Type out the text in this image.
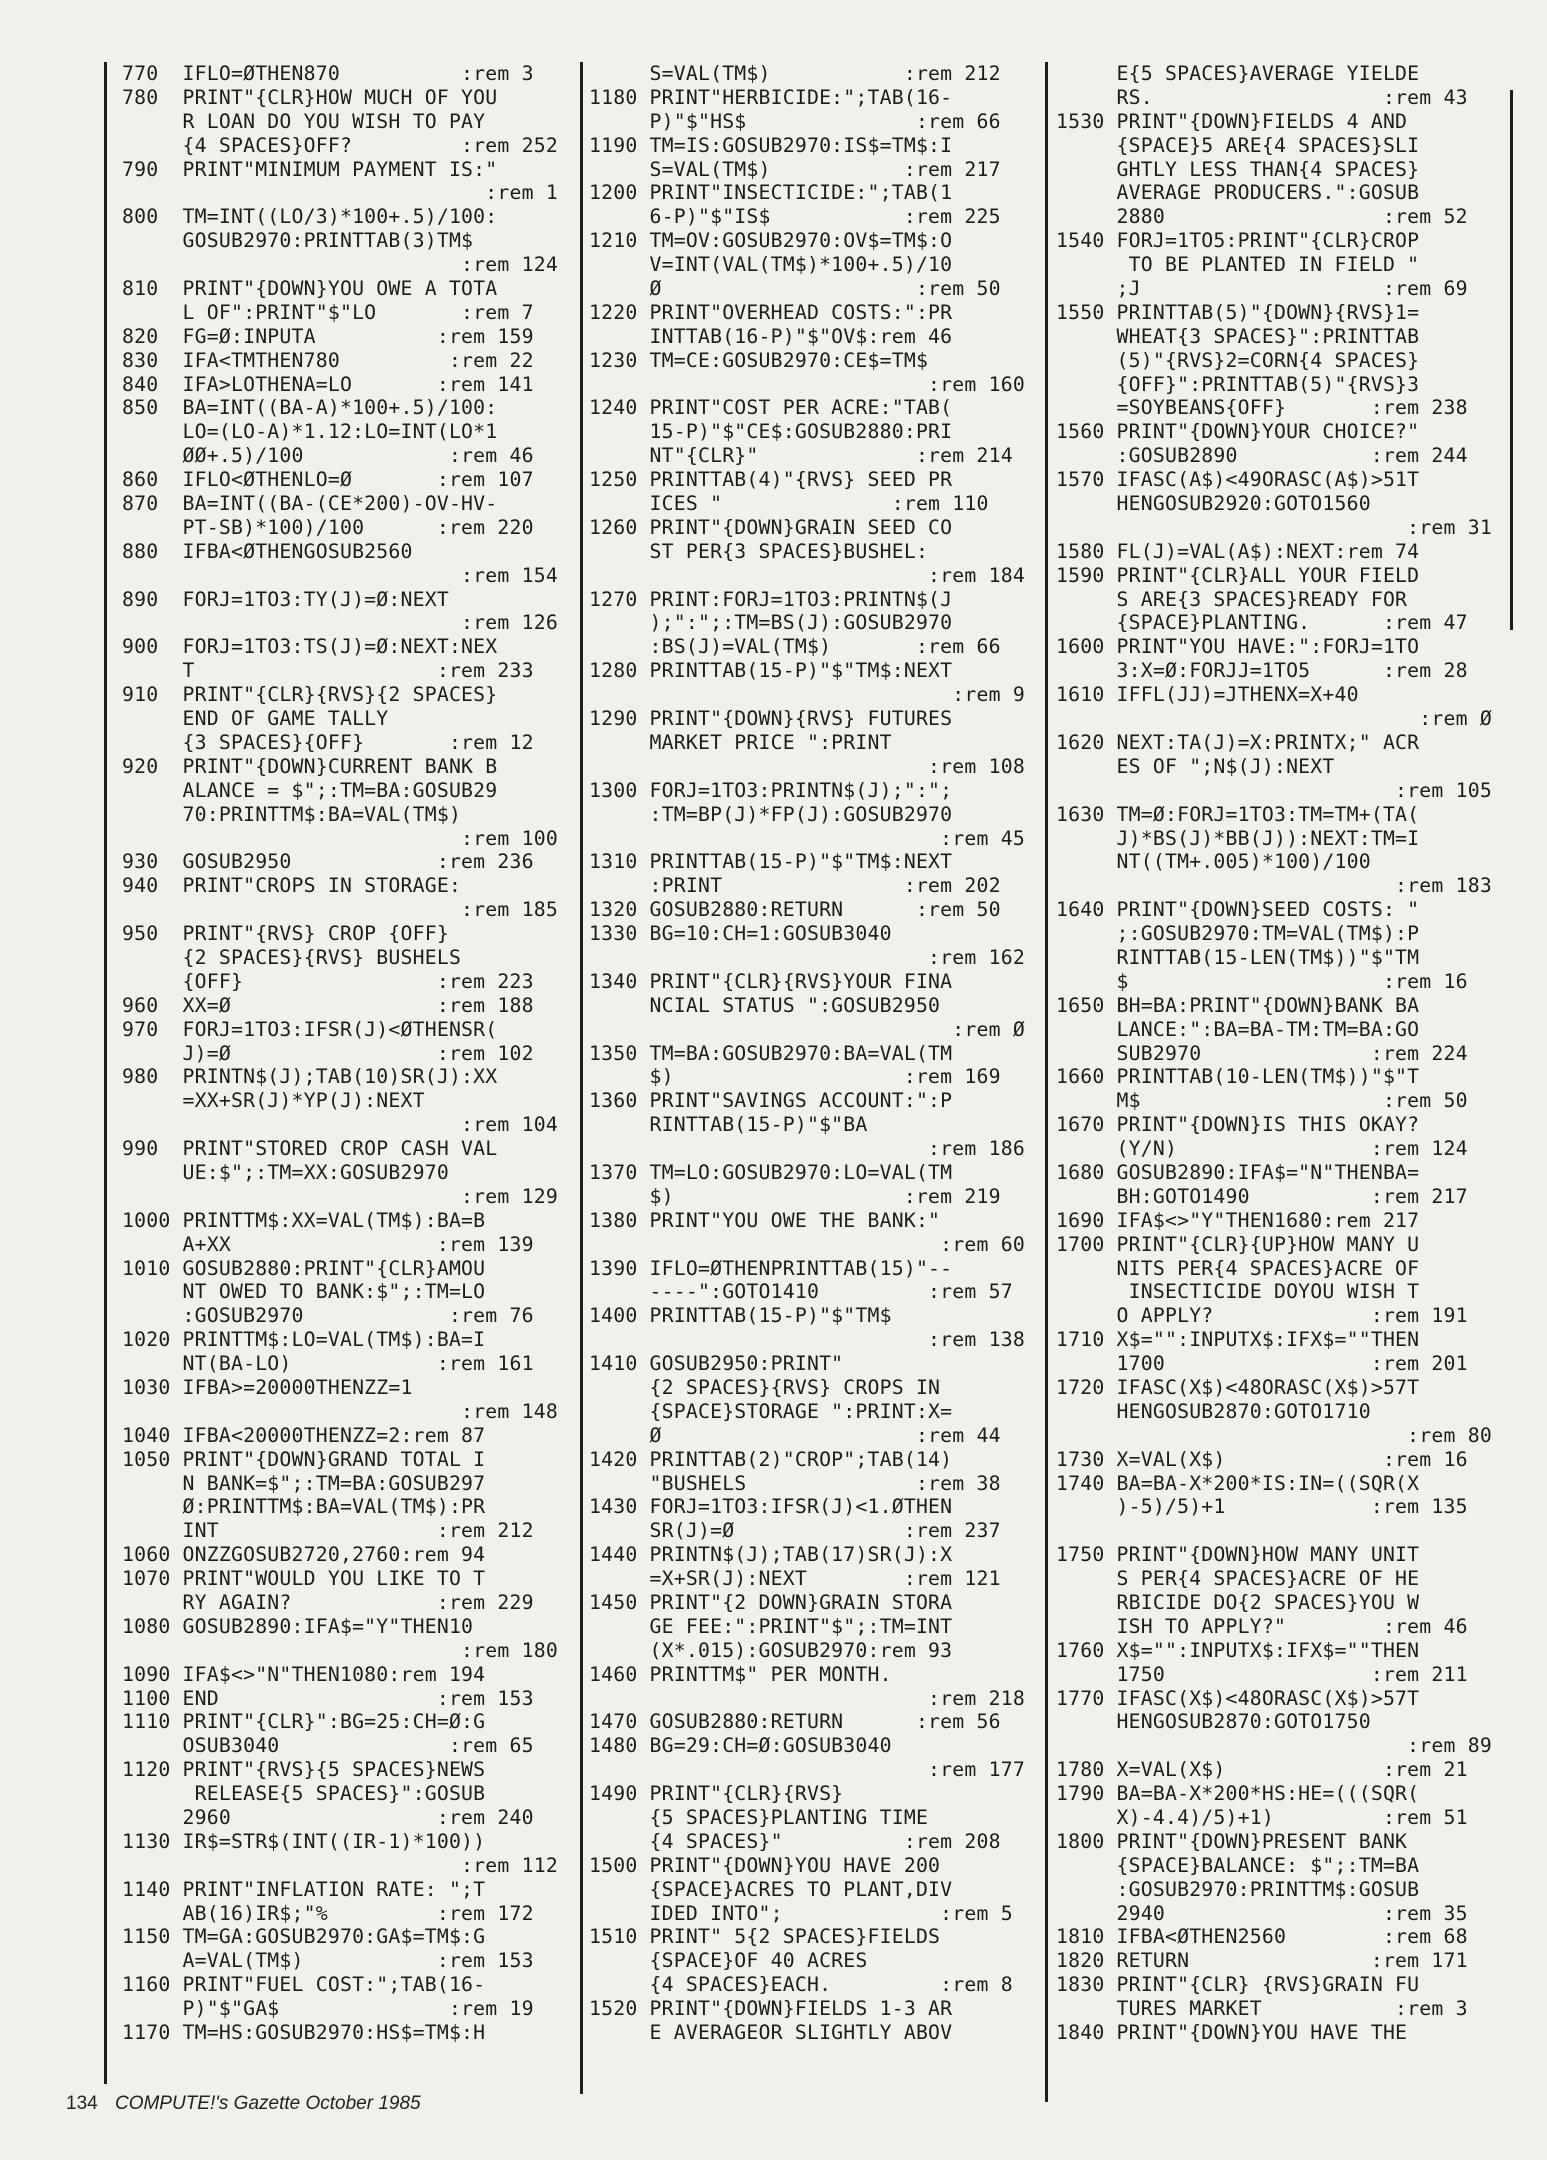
770  IFLO=ØTHEN870          :rem 3
780  PRINT"{CLR}HOW MUCH OF YOU
R LOAN DO YOU WISH TO PAY
{4 SPACES}OFF?         :rem 252
790  PRINT"MINIMUM PAYMENT IS:"
:rem 1
800  TM=INT((LO/3)*100+.5)/100:
GOSUB2970:PRINTTAB(3)TM$
:rem 124
810  PRINT"{DOWN}YOU OWE A TOTA
L OF":PRINT"$"LO       :rem 7
820  FG=Ø:INPUTA          :rem 159
830  IFA<TMTHEN780         :rem 22
840  IFA>LOTHENA=LO       :rem 141
850  BA=INT((BA-A)*100+.5)/100:
LO=(LO-A)*1.12:LO=INT(LO*1
ØØ+.5)/100            :rem 46
860  IFLO<ØTHENLO=Ø       :rem 107
870  BA=INT((BA-(CE*200)-OV-HV-
PT-SB)*100)/100      :rem 220
880  IFBA<ØTHENGOSUB2560
:rem 154
890  FORJ=1TO3:TY(J)=Ø:NEXT
:rem 126
900  FORJ=1TO3:TS(J)=Ø:NEXT:NEX
T                    :rem 233
910  PRINT"{CLR}{RVS}{2 SPACES}
END OF GAME TALLY
{3 SPACES}{OFF}       :rem 12
920  PRINT"{DOWN}CURRENT BANK B
ALANCE = $";:TM=BA:GOSUB29
70:PRINTTM$:BA=VAL(TM$)
:rem 100
930  GOSUB2950            :rem 236
940  PRINT"CROPS IN STORAGE:
:rem 185
950  PRINT"{RVS} CROP {OFF}
{2 SPACES}{RVS} BUSHELS
{OFF}                :rem 223
960  XX=Ø                 :rem 188
970  FORJ=1TO3:IFSR(J)<ØTHENSR(
J)=Ø                 :rem 102
980  PRINTN$(J);TAB(10)SR(J):XX
=XX+SR(J)*YP(J):NEXT
:rem 104
990  PRINT"STORED CROP CASH VAL
UE:$";:TM=XX:GOSUB2970
:rem 129
1000 PRINTTM$:XX=VAL(TM$):BA=B
A+XX                 :rem 139
1010 GOSUB2880:PRINT"{CLR}AMOU
NT OWED TO BANK:$";:TM=LO
:GOSUB2970            :rem 76
1020 PRINTTM$:LO=VAL(TM$):BA=I
NT(BA-LO)            :rem 161
1030 IFBA>=20000THENZZ=1
:rem 148
1040 IFBA<20000THENZZ=2:rem 87
1050 PRINT"{DOWN}GRAND TOTAL I
N BANK=$";:TM=BA:GOSUB297
Ø:PRINTTM$:BA=VAL(TM$):PR
INT                  :rem 212
1060 ONZZGOSUB2720,2760:rem 94
1070 PRINT"WOULD YOU LIKE TO T
RY AGAIN?            :rem 229
1080 GOSUB2890:IFA$="Y"THEN10
:rem 180
1090 IFA$<>"N"THEN1080:rem 194
1100 END                  :rem 153
1110 PRINT"{CLR}":BG=25:CH=Ø:G
OSUB3040              :rem 65
1120 PRINT"{RVS}{5 SPACES}NEWS
RELEASE{5 SPACES}":GOSUB
2960                 :rem 240
1130 IR$=STR$(INT((IR-1)*100))
:rem 112
1140 PRINT"INFLATION RATE: ";T
AB(16)IR$;"%         :rem 172
1150 TM=GA:GOSUB2970:GA$=TM$:G
A=VAL(TM$)           :rem 153
1160 PRINT"FUEL COST:";TAB(16-
P)"$"GA$              :rem 19
1170 TM=HS:GOSUB2970:HS$=TM$:H
S=VAL(TM$)           :rem 212
1180 PRINT"HERBICIDE:";TAB(16-
P)"$"HS$              :rem 66
1190 TM=IS:GOSUB2970:IS$=TM$:I
S=VAL(TM$)           :rem 217
1200 PRINT"INSECTICIDE:";TAB(1
6-P)"$"IS$           :rem 225
1210 TM=OV:GOSUB2970:OV$=TM$:O
V=INT(VAL(TM$)*100+.5)/10
Ø                     :rem 50
1220 PRINT"OVERHEAD COSTS:":PR
INTTAB(16-P)"$"OV$:rem 46
1230 TM=CE:GOSUB2970:CE$=TM$
:rem 160
1240 PRINT"COST PER ACRE:"TAB(
15-P)"$"CE$:GOSUB2880:PRI
NT"{CLR}"             :rem 214
1250 PRINTTAB(4)"{RVS} SEED PR
ICES "              :rem 110
1260 PRINT"{DOWN}GRAIN SEED CO
ST PER{3 SPACES}BUSHEL:
:rem 184
1270 PRINT:FORJ=1TO3:PRINTN$(J
);":";:TM=BS(J):GOSUB2970
:BS(J)=VAL(TM$)       :rem 66
1280 PRINTTAB(15-P)"$"TM$:NEXT
:rem 9
1290 PRINT"{DOWN}{RVS} FUTURES
MARKET PRICE ":PRINT
:rem 108
1300 FORJ=1TO3:PRINTN$(J);":";
:TM=BP(J)*FP(J):GOSUB2970
:rem 45
1310 PRINTTAB(15-P)"$"TM$:NEXT
:PRINT               :rem 202
1320 GOSUB2880:RETURN      :rem 50
1330 BG=10:CH=1:GOSUB3040
:rem 162
1340 PRINT"{CLR}{RVS}YOUR FINA
NCIAL STATUS ":GOSUB2950
:rem Ø
1350 TM=BA:GOSUB2970:BA=VAL(TM
$)                   :rem 169
1360 PRINT"SAVINGS ACCOUNT:":P
RINTTAB(15-P)"$"BA
:rem 186
1370 TM=LO:GOSUB2970:LO=VAL(TM
$)                   :rem 219
1380 PRINT"YOU OWE THE BANK:"
:rem 60
1390 IFLO=ØTHENPRINTTAB(15)"--
----":GOTO1410         :rem 57
1400 PRINTTAB(15-P)"$"TM$
:rem 138
1410 GOSUB2950:PRINT"
{2 SPACES}{RVS} CROPS IN
{SPACE}STORAGE ":PRINT:X=
Ø                     :rem 44
1420 PRINTTAB(2)"CROP";TAB(14)
"BUSHELS              :rem 38
1430 FORJ=1TO3:IFSR(J)<1.ØTHEN
SR(J)=Ø              :rem 237
1440 PRINTN$(J);TAB(17)SR(J):X
=X+SR(J):NEXT        :rem 121
1450 PRINT"{2 DOWN}GRAIN STORA
GE FEE:":PRINT"$";:TM=INT
(X*.015):GOSUB2970:rem 93
1460 PRINTTM$" PER MONTH.
:rem 218
1470 GOSUB2880:RETURN      :rem 56
1480 BG=29:CH=Ø:GOSUB3040
:rem 177
1490 PRINT"{CLR}{RVS}
{5 SPACES}PLANTING TIME
{4 SPACES}"          :rem 208
1500 PRINT"{DOWN}YOU HAVE 200
{SPACE}ACRES TO PLANT,DIV
IDED INTO";             :rem 5
1510 PRINT" 5{2 SPACES}FIELDS
{SPACE}OF 40 ACRES
{4 SPACES}EACH.         :rem 8
1520 PRINT"{DOWN}FIELDS 1-3 AR
E AVERAGEOR SLIGHTLY ABOV
E{5 SPACES}AVERAGE YIELDE
RS.                   :rem 43
1530 PRINT"{DOWN}FIELDS 4 AND
{SPACE}5 ARE{4 SPACES}SLI
GHTLY LESS THAN{4 SPACES}
AVERAGE PRODUCERS.":GOSUB
2880                  :rem 52
1540 FORJ=1TO5:PRINT"{CLR}CROP
TO BE PLANTED IN FIELD "
;J                    :rem 69
1550 PRINTTAB(5)"{DOWN}{RVS}1=
WHEAT{3 SPACES}":PRINTTAB
(5)"{RVS}2=CORN{4 SPACES}
{OFF}":PRINTTAB(5)"{RVS}3
=SOYBEANS{OFF}       :rem 238
1560 PRINT"{DOWN}YOUR CHOICE?"
:GOSUB2890           :rem 244
1570 IFASC(A$)<49ORASC(A$)>51T
HENGOSUB2920:GOTO1560
:rem 31
1580 FL(J)=VAL(A$):NEXT:rem 74
1590 PRINT"{CLR}ALL YOUR FIELD
S ARE{3 SPACES}READY FOR
{SPACE}PLANTING.      :rem 47
1600 PRINT"YOU HAVE:":FORJ=1TO
3:X=Ø:FORJJ=1TO5      :rem 28
1610 IFFL(JJ)=JTHENX=X+40
:rem Ø
1620 NEXT:TA(J)=X:PRINTX;" ACR
ES OF ";N$(J):NEXT
:rem 105
1630 TM=Ø:FORJ=1TO3:TM=TM+(TA(
J)*BS(J)*BB(J)):NEXT:TM=I
NT((TM+.005)*100)/100
:rem 183
1640 PRINT"{DOWN}SEED COSTS: "
;:GOSUB2970:TM=VAL(TM$):P
RINTTAB(15-LEN(TM$))"$"TM
$                     :rem 16
1650 BH=BA:PRINT"{DOWN}BANK BA
LANCE:":BA=BA-TM:TM=BA:GO
SUB2970              :rem 224
1660 PRINTTAB(10-LEN(TM$))"$"T
M$                    :rem 50
1670 PRINT"{DOWN}IS THIS OKAY?
(Y/N)                :rem 124
1680 GOSUB2890:IFA$="N"THENBA=
BH:GOTO1490          :rem 217
1690 IFA$<>"Y"THEN1680:rem 217
1700 PRINT"{CLR}{UP}HOW MANY U
NITS PER{4 SPACES}ACRE OF
INSECTICIDE DOYOU WISH T
O APPLY?             :rem 191
1710 X$="":INPUTX$:IFX$=""THEN
1700                 :rem 201
1720 IFASC(X$)<48ORASC(X$)>57T
HENGOSUB2870:GOTO1710
:rem 80
1730 X=VAL(X$)             :rem 16
1740 BA=BA-X*200*IS:IN=((SQR(X
)-5)/5)+1            :rem 135
1750 PRINT"{DOWN}HOW MANY UNIT
S PER{4 SPACES}ACRE OF HE
RBICIDE DO{2 SPACES}YOU W
ISH TO APPLY?"        :rem 46
1760 X$="":INPUTX$:IFX$=""THEN
1750                 :rem 211
1770 IFASC(X$)<48ORASC(X$)>57T
HENGOSUB2870:GOTO1750
:rem 89
1780 X=VAL(X$)             :rem 21
1790 BA=BA-X*200*HS:HE=(((SQR(
X)-4.4)/5)+1)         :rem 51
1800 PRINT"{DOWN}PRESENT BANK
{SPACE}BALANCE: $";:TM=BA
:GOSUB2970:PRINTTM$:GOSUB
2940                  :rem 35
1810 IFBA<ØTHEN2560        :rem 68
1820 RETURN               :rem 171
1830 PRINT"{CLR} {RVS}GRAIN FU
TURES MARKET           :rem 3
1840 PRINT"{DOWN}YOU HAVE THE
134 COMPUTE!'s Gazette October 1985
